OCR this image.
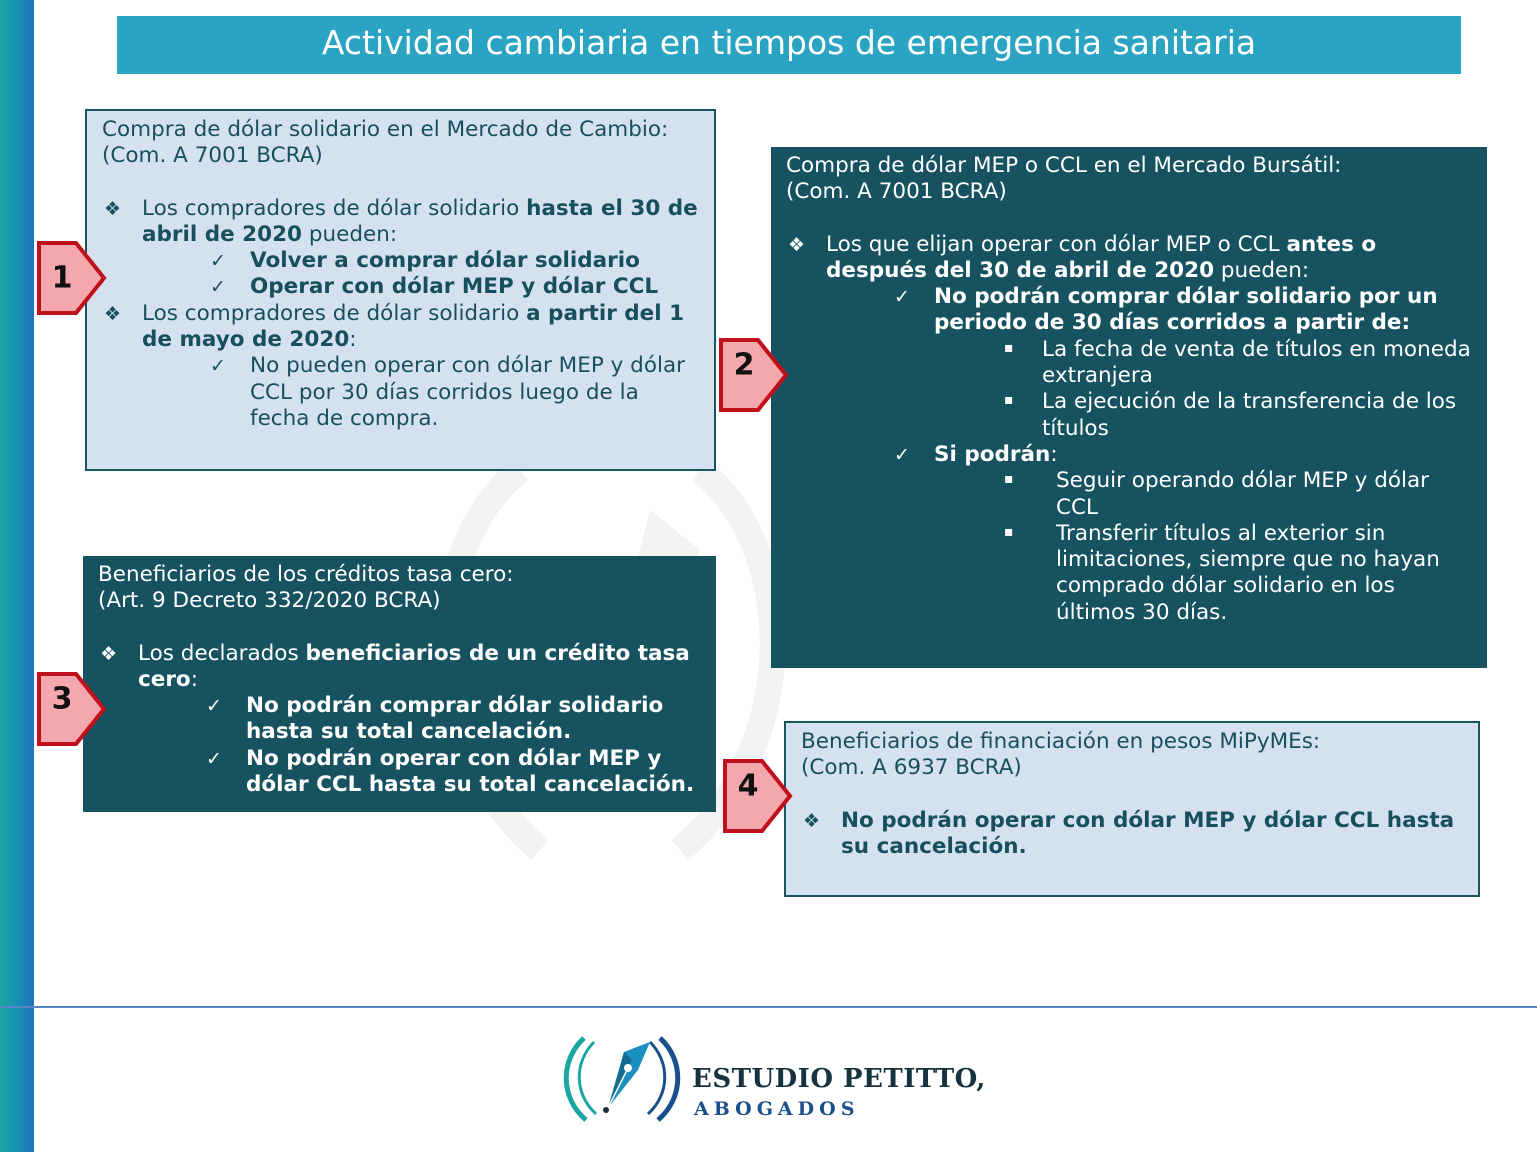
Actividad cambiaria en tiempos de emergencia sanitaria

Compra de dólar solidario en el Mercado de Cambio:

(Com. A 7001 BCRA)

❖ Los compradores de dólar solidario hasta el 30 de abril de 2020 pueden:
✓ Volver a comprar dólar solidario
✓ Operar con dólar MEP y dólar CCL
❖ Los compradores de dólar solidario a partir del 1 de mayo de 2020:
✓ No pueden operar con dólar MEP y dólar CCL por 30 días corridos luego de la fecha de compra.

Compra de dólar MEP o CCL en el Mercado Bursátil:

(Com. A 7001 BCRA)

❖ Los que elijan operar con dólar MEP o CCL antes o después del 30 de abril de 2020 pueden:
✓ No podrán comprar dólar solidario por un periodo de 30 días corridos a partir de:
▪ La fecha de venta de títulos en moneda extranjera
▪ La ejecución de la transferencia de los títulos
✓ Si podrán:
▪ Seguir operando dólar MEP y dólar CCL
▪ Transferir títulos al exterior sin limitaciones, siempre que no hayan comprado dólar solidario en los últimos 30 días.

Beneficiarios de los créditos tasa cero:

(Art. 9 Decreto 332/2020 BCRA)

❖ Los declarados beneficiarios de un crédito tasa cero:
✓ No podrán comprar dólar solidario hasta su total cancelación.
✓ No podrán operar con dólar MEP y dólar CCL hasta su total cancelación.

Beneficiarios de financiación en pesos MiPyMEs:

(Com. A 6937 BCRA)

❖ No podrán operar con dólar MEP y dólar CCL hasta su cancelación.
1
2
3
4
ESTUDIO PETITTO,
ABOGADOS
